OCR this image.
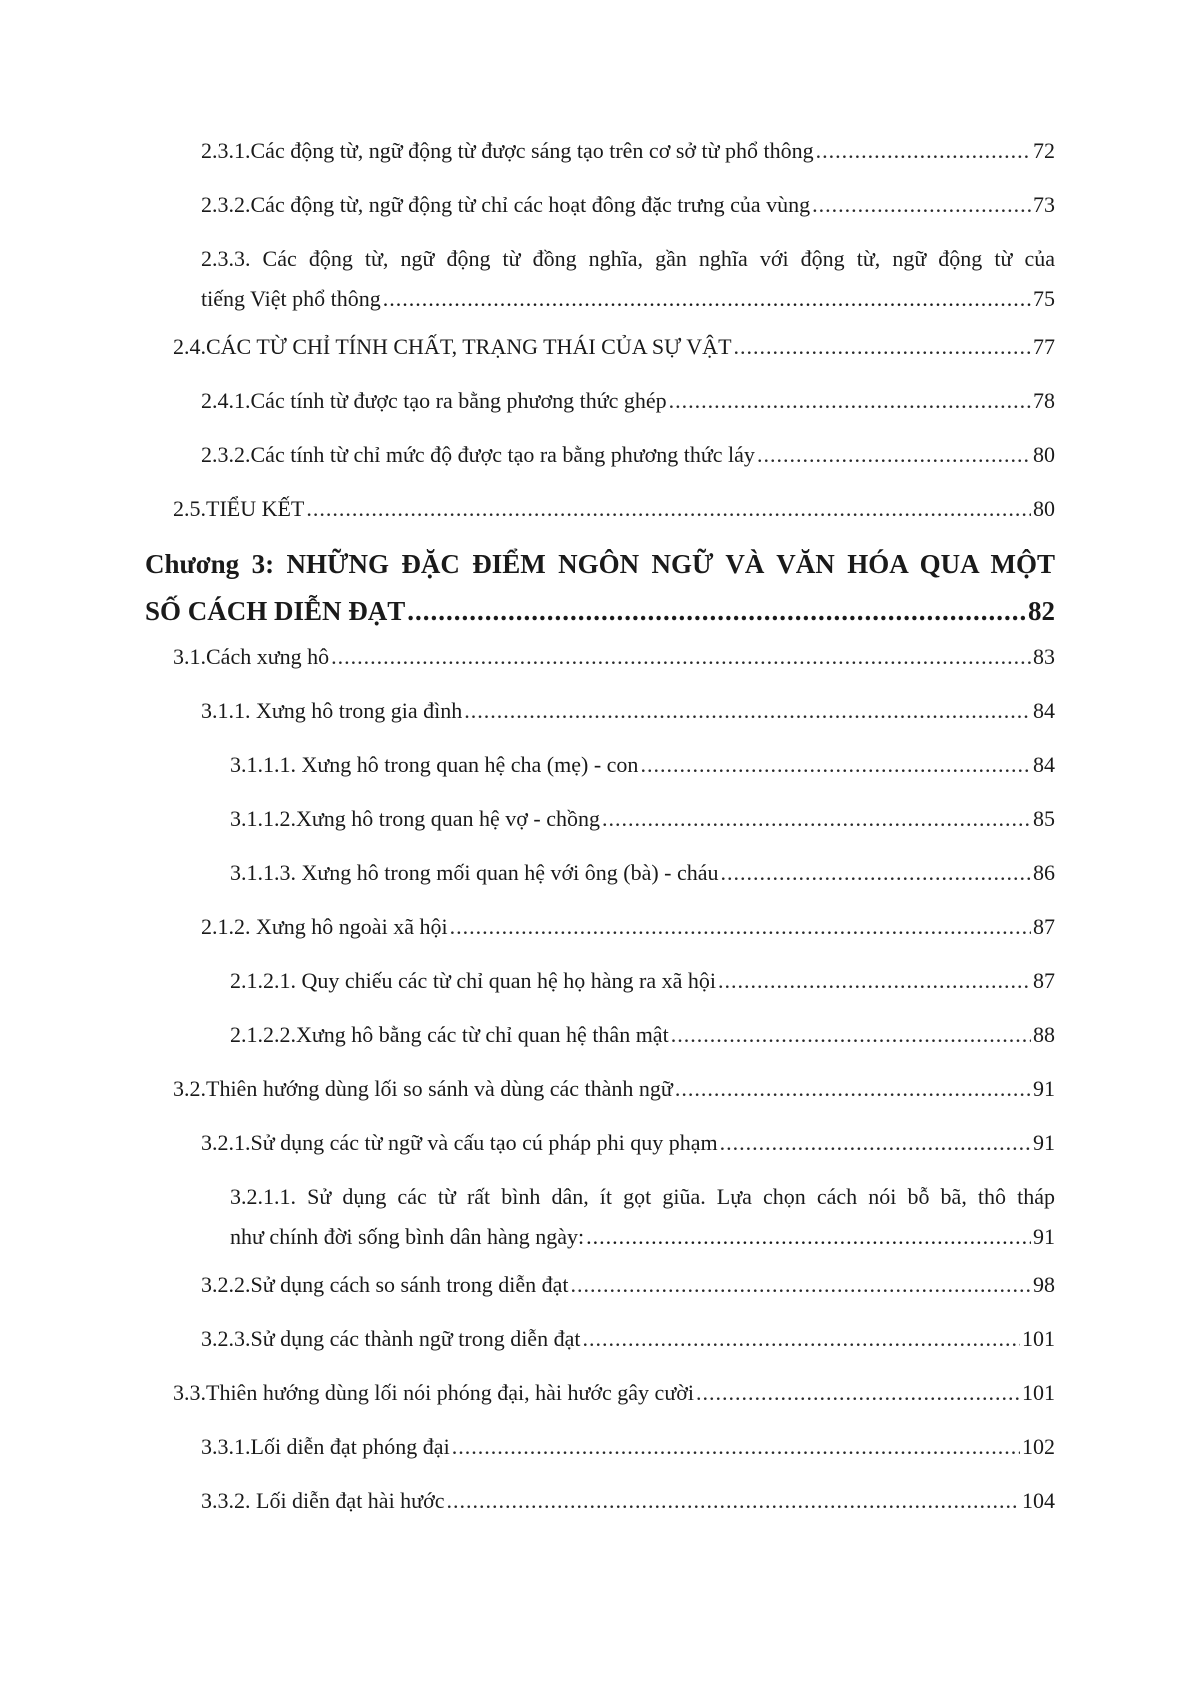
2.3.1.Các động từ, ngữ động từ được sáng tạo trên cơ sở từ phổ thông .....	72
2.3.2.Các động từ, ngữ động từ chỉ các hoạt đông đặc trưng của vùng .....	73
2.3.3. Các động từ, ngữ động từ đồng nghĩa, gần nghĩa với động từ, ngữ động từ của
tiếng Việt phổ thông .....	75
2.4.CÁC TỪ CHỈ TÍNH CHẤT, TRẠNG THÁI CỦA SỰ VẬT .....	77
2.4.1.Các tính từ được tạo ra bằng phương thức ghép .....	78
2.3.2.Các tính từ chỉ mức độ được tạo ra bằng phương thức láy .....	80
2.5.TIỂU KẾT .....	80
Chương 3: NHỮNG ĐẶC ĐIỂM NGÔN NGỮ VÀ VĂN HÓA QUA MỘT
SỐ CÁCH DIỄN ĐẠT .....	82
3.1.Cách xưng hô .....	83
3.1.1. Xưng hô trong gia đình .....	84
3.1.1.1. Xưng hô trong quan hệ cha (mẹ) - con .....	84
3.1.1.2.Xưng hô trong quan hệ vợ - chồng .....	85
3.1.1.3. Xưng hô trong mối quan hệ với ông (bà) - cháu .....	86
2.1.2. Xưng hô ngoài xã hội .....	87
2.1.2.1. Quy chiếu các từ chỉ quan hệ họ hàng ra xã hội .....	87
2.1.2.2.Xưng hô bằng các từ chỉ quan hệ thân mật .....	88
3.2.Thiên hướng dùng lối so sánh và dùng các thành ngữ .....	91
3.2.1.Sử dụng các từ ngữ và cấu tạo cú pháp phi quy phạm .....	91
3.2.1.1. Sử dụng các từ rất bình dân, ít gọt giũa. Lựa chọn cách nói bỗ bã, thô tháp
như chính đời sống bình dân hàng ngày: .....	91
3.2.2.Sử dụng cách so sánh trong diễn đạt .....	98
3.2.3.Sử dụng các thành ngữ trong diễn đạt .....	101
3.3.Thiên hướng dùng lối nói phóng đại, hài hước gây cười .....	101
3.3.1.Lối diễn đạt phóng đại .....	102
3.3.2. Lối diễn đạt hài hước .....	104
